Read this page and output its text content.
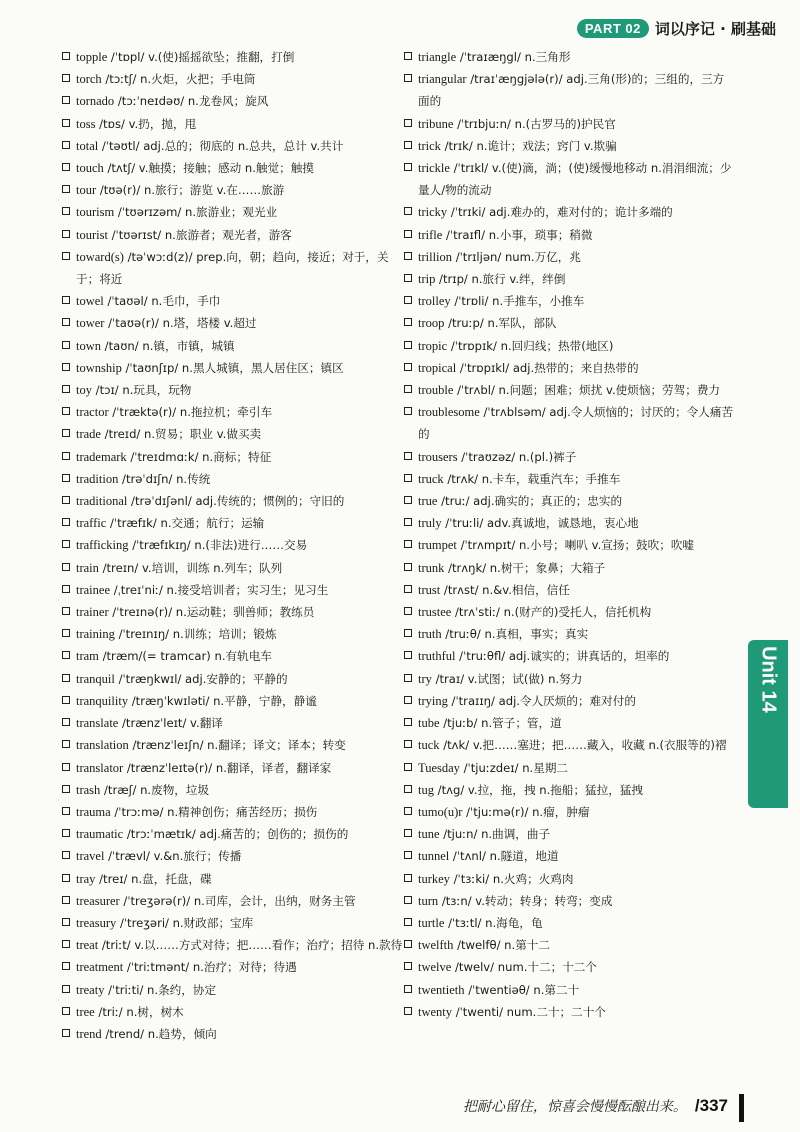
PART 02 词以序记 · 刷基础
topple /ˈtɒpl/ v.(使)摇摇欲坠；推翻，打倒
torch /tɔːtʃ/ n.火炬，火把；手电筒
tornado /tɔːˈneɪdəʊ/ n.龙卷风；旋风
toss /tɒs/ v.扔，抛，甩
total /ˈtəʊtl/ adj.总的；彻底的 n.总共，总计 v.共计
touch /tʌtʃ/ v.触摸；接触；感动 n.触觉；触摸
tour /tʊə(r)/ n.旅行；游览 v.在……旅游
tourism /ˈtʊərɪzəm/ n.旅游业；观光业
tourist /ˈtʊərɪst/ n.旅游者；观光者，游客
toward(s) /təˈwɔːd(z)/ prep.向，朝；趋向，接近；对于，关于；将近
towel /ˈtaʊəl/ n.毛巾，手巾
tower /ˈtaʊə(r)/ n.塔，塔楼 v.超过
town /taʊn/ n.镇，市镇，城镇
township /ˈtaʊnʃɪp/ n.黑人城镇，黑人居住区；镇区
toy /tɔɪ/ n.玩具，玩物
tractor /ˈtræktə(r)/ n.拖拉机；牵引车
trade /treɪd/ n.贸易；职业 v.做买卖
trademark /ˈtreɪdmɑːk/ n.商标；特征
tradition /trəˈdɪʃn/ n.传统
traditional /trəˈdɪʃənl/ adj.传统的；惯例的；守旧的
traffic /ˈtræfɪk/ n.交通；航行；运输
trafficking /ˈtræfɪkɪŋ/ n.(非法)进行……交易
train /treɪn/ v.培训，训练 n.列车；队列
trainee /ˌtreɪˈniː/ n.接受培训者；实习生；见习生
trainer /ˈtreɪnə(r)/ n.运动鞋；驯兽师；教练员
training /ˈtreɪnɪŋ/ n.训练；培训；锻炼
tram /træm/(= tramcar) n.有轨电车
tranquil /ˈtræŋkwɪl/ adj.安静的；平静的
tranquility /træŋˈkwɪləti/ n.平静，宁静，静谧
translate /trænzˈleɪt/ v.翻译
translation /trænzˈleɪʃn/ n.翻译；译文；译本；转变
translator /trænzˈleɪtə(r)/ n.翻译，译者，翻译家
trash /træʃ/ n.废物，垃圾
trauma /ˈtrɔːmə/ n.精神创伤；痛苦经历；损伤
traumatic /trɔːˈmætɪk/ adj.痛苦的；创伤的；损伤的
travel /ˈtrævl/ v.&n.旅行；传播
tray /treɪ/ n.盘，托盘，碟
treasurer /ˈtreʒərə(r)/ n.司库，会计，出纳，财务主管
treasury /ˈtreʒəri/ n.财政部；宝库
treat /triːt/ v.以……方式对待；把……看作；治疗；招待 n.款待
treatment /ˈtriːtmənt/ n.治疗；对待；待遇
treaty /ˈtriːti/ n.条约，协定
tree /triː/ n.树，树木
trend /trend/ n.趋势，倾向
triangle /ˈtraɪæŋgl/ n.三角形
triangular /traɪˈæŋgjələ(r)/ adj.三角(形)的；三组的，三方面的
tribune /ˈtrɪbjuːn/ n.(古罗马的)护民官
trick /trɪk/ n.诡计；戏法；窍门 v.欺骗
trickle /ˈtrɪkl/ v.(使)滴，淌；(使)缓慢地移动 n.涓涓细流；少量人/物的流动
tricky /ˈtrɪki/ adj.难办的，难对付的；诡计多端的
trifle /ˈtraɪfl/ n.小事，琐事；稍微
trillion /ˈtrɪljən/ num.万亿，兆
trip /trɪp/ n.旅行 v.绊，绊倒
trolley /ˈtrɒli/ n.手推车，小推车
troop /truːp/ n.军队，部队
tropic /ˈtrɒpɪk/ n.回归线；热带(地区)
tropical /ˈtrɒpɪkl/ adj.热带的；来自热带的
trouble /ˈtrʌbl/ n.问题；困难；烦扰 v.使烦恼；劳驾；费力
troublesome /ˈtrʌblsəm/ adj.令人烦恼的；讨厌的；令人痛苦的
trousers /ˈtraʊzəz/ n.(pl.)裤子
truck /trʌk/ n.卡车，载重汽车；手推车
true /truː/ adj.确实的；真正的；忠实的
truly /ˈtruːli/ adv.真诚地，诚恳地，衷心地
trumpet /ˈtrʌmpɪt/ n.小号；喇叭 v.宣扬；鼓吹；吹嘘
trunk /trʌŋk/ n.树干；象鼻；大箱子
trust /trʌst/ n.&v.相信，信任
trustee /trʌˈstiː/ n.(财产的)受托人，信托机构
truth /truːθ/ n.真相，事实；真实
truthful /ˈtruːθfl/ adj.诚实的；讲真话的，坦率的
try /traɪ/ v.试图；试(做) n.努力
trying /ˈtraɪɪŋ/ adj.令人厌烦的；难对付的
tube /tjuːb/ n.管子；管，道
tuck /tʌk/ v.把……塞进；把……藏入，收藏 n.(衣服等的)褶
Tuesday /ˈtjuːzdeɪ/ n.星期二
tug /tʌg/ v.拉，拖，拽 n.拖船；猛拉，猛拽
tumo(u)r /ˈtjuːmə(r)/ n.瘤，肿瘤
tune /tjuːn/ n.曲调，曲子
tunnel /ˈtʌnl/ n.隧道，地道
turkey /ˈtɜːki/ n.火鸡；火鸡肉
turn /tɜːn/ v.转动；转身；转弯；变成
turtle /ˈtɜːtl/ n.海龟，龟
twelfth /twelfθ/ n.第十二
twelve /twelv/ num.十二；十二个
twentieth /ˈtwentiəθ/ n.第二十
twenty /ˈtwenti/ num.二十；二十个
Unit 14Lesson 1
把耐心留住，惊喜会慢慢酝酿出来。 /337
